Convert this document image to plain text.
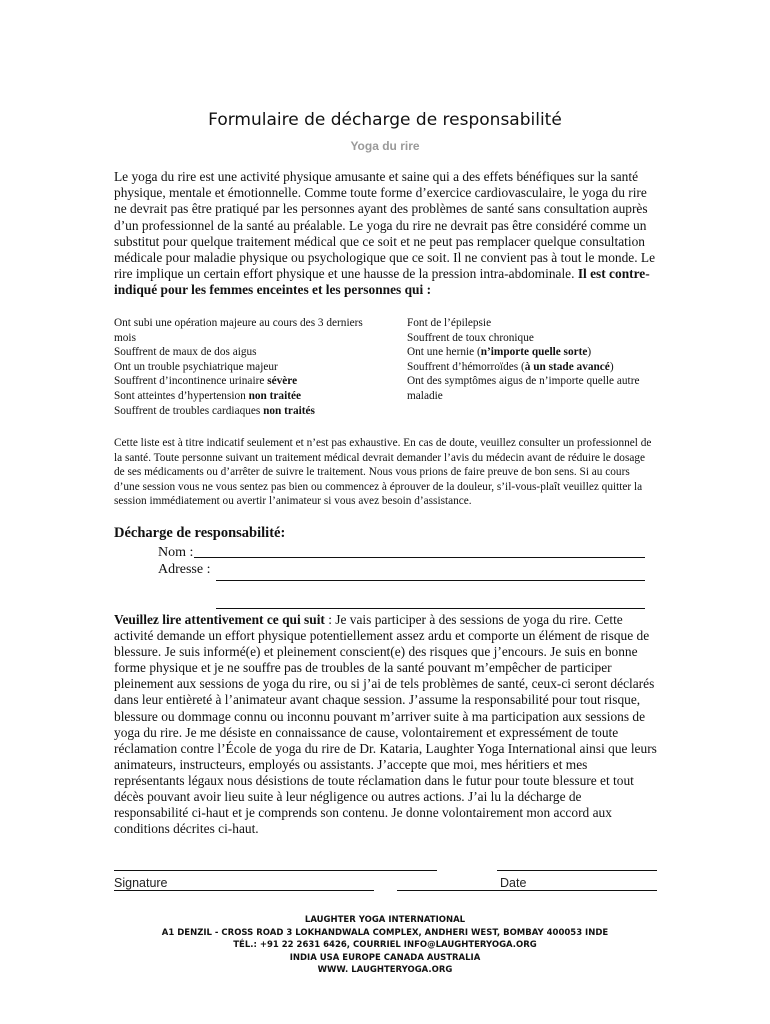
Formulaire de décharge de responsabilité
Yoga du rire

Le yoga du rire est une activité physique amusante et saine qui a des effets bénéfiques sur la santé physique, mentale et émotionnelle. Comme toute forme d’exercice cardiovasculaire, le yoga du rire ne devrait pas être pratiqué par les personnes ayant des problèmes de santé sans consultation auprès d’un professionnel de la santé au préalable. Le yoga du rire ne devrait pas être considéré comme un substitut pour quelque traitement médical que ce soit et ne peut pas remplacer quelque consultation médicale pour maladie physique ou psychologique que ce soit. Il ne convient pas à tout le monde. Le rire implique un certain effort physique et une hausse de la pression intra-abdominale. Il est contre-indiqué pour les femmes enceintes et les personnes qui :

Ont subi une opération majeure au cours des 3 derniers mois
Souffrent de maux de dos aigus
Ont un trouble psychiatrique majeur
Souffrent d’incontinence urinaire sévère
Sont atteintes d’hypertension non traitée
Souffrent de troubles cardiaques non traités
Font de l’épilepsie
Souffrent de toux chronique
Ont une hernie (n’importe quelle sorte)
Souffrent d’hémorroïdes (à un stade avancé)
Ont des symptômes aigus de n’importe quelle autre maladie
Cette liste est à titre indicatif seulement et n’est pas exhaustive. En cas de doute, veuillez consulter un professionnel de la santé. Toute personne suivant un traitement médical devrait demander l’avis du médecin avant de réduire le dosage de ses médicaments ou d’arrêter de suivre le traitement. Nous vous prions de faire preuve de bon sens. Si au cours d’une session vous ne vous sentez pas bien ou commencez à éprouver de la douleur, s’il-vous-plaît veuillez quitter la session immédiatement ou avertir l’animateur si vous avez besoin d’assistance.
Décharge de responsabilité:
Nom :
Adresse :

Veuillez lire attentivement ce qui suit : Je vais participer à des sessions de yoga du rire. Cette activité demande un effort physique potentiellement assez ardu et comporte un élément de risque de blessure. Je suis informé(e) et pleinement conscient(e) des risques que j’encours. Je suis en bonne forme physique et je ne souffre pas de troubles de la santé pouvant m’empêcher de participer pleinement aux sessions de yoga du rire, ou si j’ai de tels problèmes de santé, ceux-ci seront déclarés dans leur entièreté à l’animateur avant chaque session. J’assume la responsabilité pour tout risque, blessure ou dommage connu ou inconnu pouvant m’arriver suite à ma participation aux sessions de yoga du rire. Je me désiste en connaissance de cause, volontairement et expressément de toute réclamation contre l’École de yoga du rire de Dr. Kataria, Laughter Yoga International ainsi que leurs animateurs, instructeurs, employés ou assistants. J’accepte que moi, mes héritiers et mes représentants légaux nous désistions de toute réclamation dans le futur pour toute blessure et tout décès pouvant avoir lieu suite à leur négligence ou autres actions. J’ai lu la décharge de responsabilité ci-haut et je comprends son contenu. Je donne volontairement mon accord aux conditions décrites ci-haut.

Signature	Date
LAUGHTER YOGA INTERNATIONAL
A1 DENZIL - CROSS ROAD 3 LOKHANDWALA COMPLEX, ANDHERI WEST, BOMBAY 400053 INDE
TÉL.: +91 22 2631 6426, COURRIEL INFO@LAUGHTERYOGA.ORG
INDIA USA EUROPE CANADA AUSTRALIA
WWW. LAUGHTERYOGA.ORG
